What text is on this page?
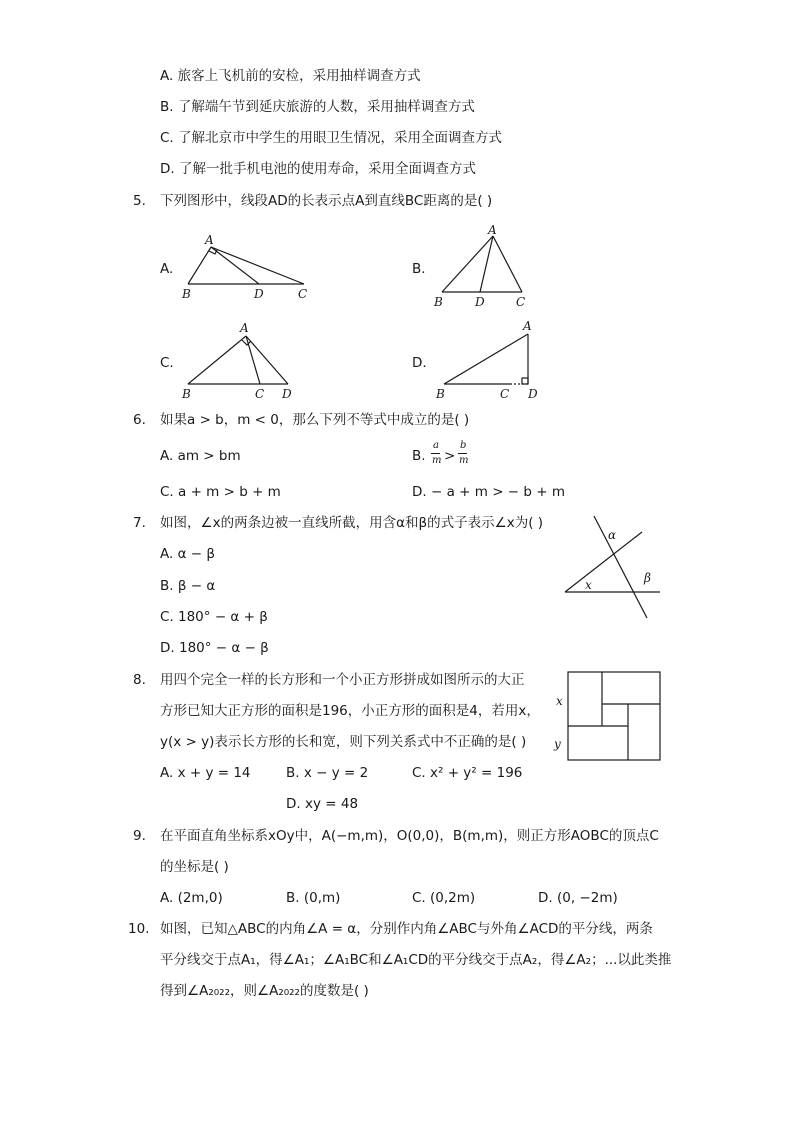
A. 旅客上飞机前的安检，采用抽样调查方式
B. 了解端午节到延庆旅游的人数，采用抽样调查方式
C. 了解北京市中学生的用眼卫生情况，采用全面调查方式
D. 了解一批手机电池的使用寿命，采用全面调查方式
5. 下列图形中，线段AD的长表示点A到直线BC距离的是( )
A.	B.
C.	D.
A
B	D	C
A
B	D	C
A
B	C D
A
B	C D
6. 如果a > b，m < 0，那么下列不等式中成立的是( )
A. am > bm	B.
a
m >
b
m
C. a + m > b + m	D. − a + m > − b + m
7. 如图，∠x的两条边被一直线所截，用含α和β的式子表示∠x为( )
A. α − β
B. β − α
C. 180° − α + β
D. 180° − α − β
α
β
x
8. 用四个完全一样的长方形和一个小正方形拼成如图所示的大正
方形已知大正方形的面积是196，小正方形的面积是4，若用x，
y(x > y)表示长方形的长和宽，则下列关系式中不正确的是( )
A. x + y = 14	B. x − y = 2	C. x² + y² = 196
D. xy = 48
x
y
9. 在平面直角坐标系xOy中，A(−m,m)，O(0,0)，B(m,m)，则正方形AOBC的顶点C
的坐标是( )
A. (2m,0)	B. (0,m)	C. (0,2m)	D. (0, −2m)
10. 如图，已知△ABC的内角∠A = α，分别作内角∠ABC与外角∠ACD的平分线，两条
平分线交于点A₁，得∠A₁；∠A₁BC和∠A₁CD的平分线交于点A₂，得∠A₂；...以此类推
得到∠A₂₀₂₂，则∠A₂₀₂₂的度数是( )
